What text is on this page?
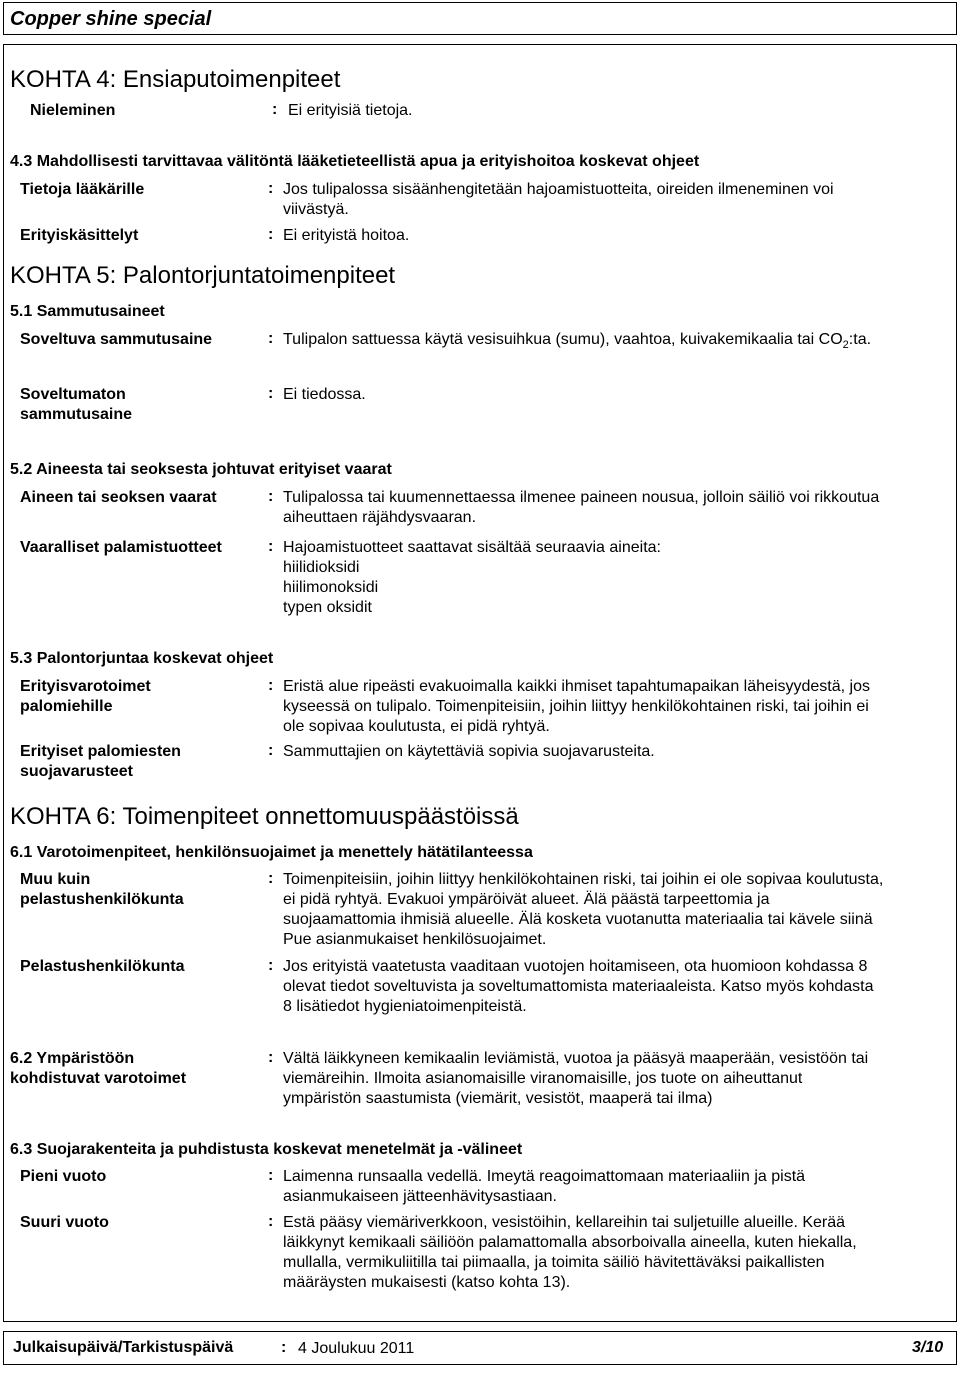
Copper shine special
KOHTA 4: Ensiaputoimenpiteet
Nieleminen	: Ei erityisiä tietoja.
4.3 Mahdollisesti tarvittavaa välitöntä lääketieteellistä apua ja erityishoitoa koskevat ohjeet
Tietoja lääkärille	: Jos tulipalossa sisäänhengitetään hajoamistuotteita, oireiden ilmeneminen voi
viivästyä.
Erityiskäsittelyt	: Ei erityistä hoitoa.
KOHTA 5: Palontorjuntatoimenpiteet
5.1 Sammutusaineet
Soveltuva sammutusaine	: Tulipalon sattuessa käytä vesisuihkua (sumu), vaahtoa, kuivakemikaalia tai $CO_2:ta$.
Soveltumaton
sammutusaine
: Ei tiedossa.
5.2 Aineesta tai seoksesta johtuvat erityiset vaarat
Aineen tai seoksen vaarat	: Tulipalossa tai kuumennettaessa ilmenee paineen nousua, jolloin säiliö voi rikkoutua
aiheuttaen räjähdysvaaran.
Vaaralliset palamistuotteet	: Hajoamistuotteet saattavat sisältää seuraavia aineita:
hiilidioksidi
hiilimonoksidi
typen oksidit
5.3 Palontorjuntaa koskevat ohjeet
Erityisvarotoimet
palomiehille
: Eristä alue ripeästi evakuoimalla kaikki ihmiset tapahtumapaikan läheisyydestä, jos
kyseessä on tulipalo. Toimenpiteisiin, joihin liittyy henkilökohtainen riski, tai joihin ei
ole sopivaa koulutusta, ei pidä ryhtyä.
Erityiset palomiesten
suojavarusteet
: Sammuttajien on käytettäviä sopivia suojavarusteita.
KOHTA 6: Toimenpiteet onnettomuuspäästöissä
6.1 Varotoimenpiteet, henkilönsuojaimet ja menettely hätätilanteessa
Muu kuin
pelastushenkilökunta
: Toimenpiteisiin, joihin liittyy henkilökohtainen riski, tai joihin ei ole sopivaa koulutusta,
ei pidä ryhtyä. Evakuoi ympäröivät alueet. Älä päästä tarpeettomia ja
suojaamattomia ihmisiä alueelle. Älä kosketa vuotanutta materiaalia tai kävele siinä
Pue asianmukaiset henkilösuojaimet.
Pelastushenkilökunta	: Jos erityistä vaatetusta vaaditaan vuotojen hoitamiseen, ota huomioon kohdassa 8
olevat tiedot soveltuvista ja soveltumattomista materiaaleista. Katso myös kohdasta
8 lisätiedot hygieniatoimenpiteistä.
6.2 Ympäristöön
kohdistuvat varotoimet
: Vältä läikkyneen kemikaalin leviämistä, vuotoa ja pääsyä maaperään, vesistöön tai
viemäreihin. Ilmoita asianomaisille viranomaisille, jos tuote on aiheuttanut
ympäristön saastumista (viemärit, vesistöt, maaperä tai ilma)
6.3 Suojarakenteita ja puhdistusta koskevat menetelmät ja -välineet
Pieni vuoto	: Laimenna runsaalla vedellä. Imeytä reagoimattomaan materiaaliin ja pistä
asianmukaiseen jätteenhävitysastiaan.
Suuri vuoto	: Estä pääsy viemäriverkkoon, vesistöihin, kellareihin tai suljetuille alueille. Kerää
läikkynyt kemikaali säiliöön palamattomalla absorboivalla aineella, kuten hiekalla,
mullalla, vermikuliitilla tai piimaalla, ja toimita säiliö hävitettäväksi paikallisten
määräysten mukaisesti (katso kohta 13).
Julkaisupäivä/Tarkistuspäivä	: 4 Joulukuu 2011	3/10
